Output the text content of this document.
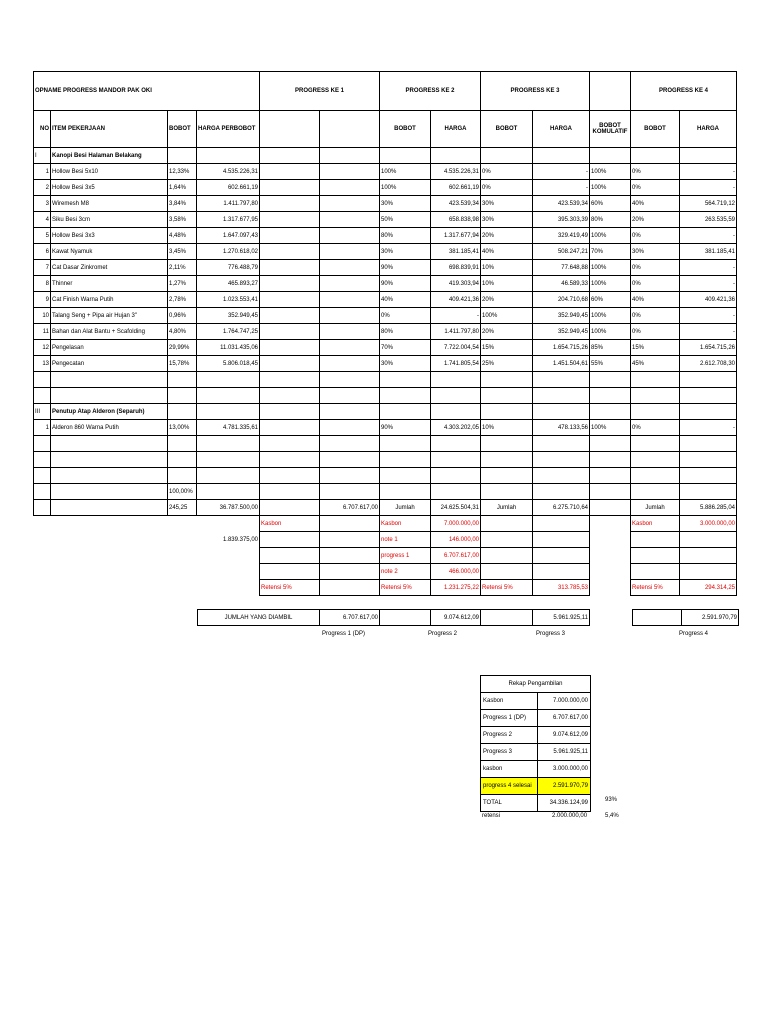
OPNAME PROGRESS MANDOR PAK OKI				PROGRESS KE 1		PROGRESS KE 2		PROGRESS KE 3			PROGRESS KE 4	
NO	ITEM PEKERJAAN	BOBOT	HARGA PERBOBOT			BOBOT	HARGA	BOBOT	HARGA	BOBOT KOMULATIF	BOBOT	HARGA
I	Kanopi Besi Halaman Belakang											
1	Hollow Besi 5x10	12,33%	4.535.226,31			100%	4.535.226,31	0%	-	100%	0%	-
2	Hollow Besi 3x5	1,64%	602.661,19			100%	602.661,19	0%	-	100%	0%	-
3	Wiremesh M8	3,84%	1.411.797,80			30%	423.539,34	30%	423.539,34	60%	40%	564.719,12
4	Siku Besi 3cm	3,58%	1.317.677,95			50%	658.838,98	30%	395.303,39	80%	20%	263.535,59
5	Hollow Besi 3x3	4,48%	1.647.097,43			80%	1.317.677,94	20%	329.419,49	100%	0%	-
6	Kawat Nyamuk	3,45%	1.270.618,02			30%	381.185,41	40%	508.247,21	70%	30%	381.185,41
7	Cat Dasar Zinkromet	2,11%	776.488,79			90%	698.839,91	10%	77.648,88	100%	0%	-
8	Thinner	1,27%	465.893,27			90%	419.303,94	10%	46.589,33	100%	0%	-
9	Cat Finish Warna Putih	2,78%	1.023.553,41			40%	409.421,36	20%	204.710,68	60%	40%	409.421,36
10	Talang Seng + Pipa air Hujan 3"	0,96%	352.949,45			0%	-	100%	352.949,45	100%	0%	-
11	Bahan dan Alat Bantu + Scafolding	4,80%	1.764.747,25			80%	1.411.797,80	20%	352.949,45	100%	0%	-
12	Pengelasan	29,99%	11.031.435,06			70%	7.722.004,54	15%	1.654.715,26	85%	15%	1.654.715,26
13	Pengecatan	15,78%	5.806.018,45			30%	1.741.805,54	25%	1.451.504,61	55%	45%	2.612.708,30

III	Penutup Atap Alderon (Separuh)											
1	Alderon 860 Warna Putih	13,00%	4.781.335,61			90%	4.303.202,05	10%	478.133,56	100%	0%	-

		100,00%										
		245,25	36.787.500,00		6.707.617,00	Jumlah	24.625.504,31	Jumlah	6.275.710,64		Jumlah	5.886.285,04
				Kasbon		Kasbon	7.000.000,00				Kasbon	3.000.000,00
			1.839.375,00			note 1	146.000,00					
						progress 1	6.707.617,00					
						note 2	466.000,00					
				Retensi 5%		Retensi 5%	1.231.275,22	Retensi 5%	313.785,53		Retensi 5%	294.314,25
JUMLAH YANG DIAMBIL	6.707.617,00		9.074.612,09		5.961.925,11
		2.591.970,79
Progress 1 (DP)	Progress 2	Progress 3	Progress 4
Rekap Pengambilan	
Kasbon	7.000.000,00
Progress 1 (DP)	6.707.617,00
Progress 2	9.074.612,09
Progress 3	5.961.925,11
kasbon	3.000.000,00
progress 4 selesai	2.591.970,79
TOTAL	34.336.124,99	93%
retensi	2.000.000,00	5,4%
